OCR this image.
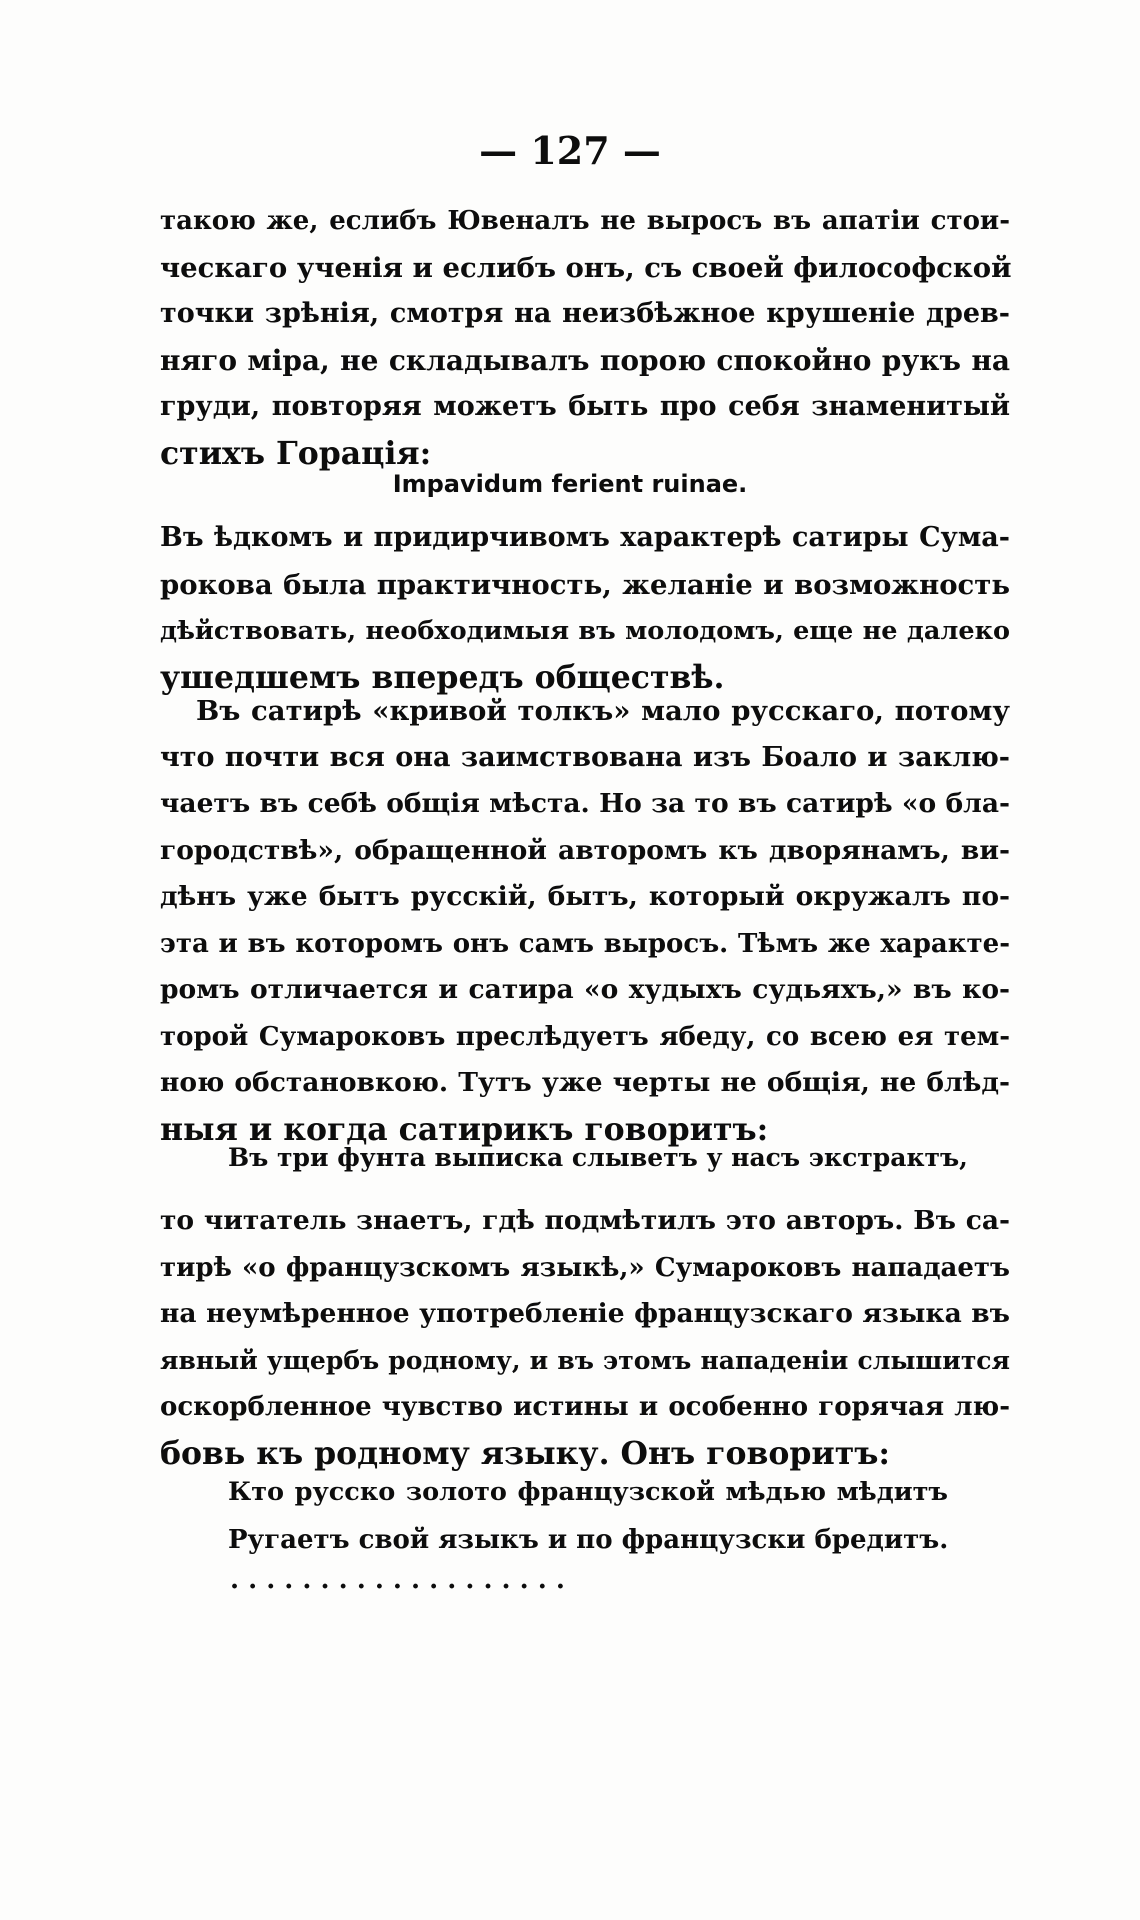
— 127 —
такою же, еслибъ Ювеналъ не выросъ въ апатіи стои-
ческаго ученія и еслибъ онъ, съ своей философской
точки зрѣнія, смотря на неизбѣжное крушеніе древ-
няго міра, не складывалъ порою спокойно рукъ на
груди, повторяя можетъ быть про себя знаменитый
стихъ Горація:
Impavidum ferient ruinae.
Въ ѣдкомъ и придирчивомъ характерѣ сатиры Сума-
рокова была практичность, желаніе и возможность
дѣйствовать, необходимыя въ молодомъ, еще не далеко
ушедшемъ впередъ обществѣ.
Въ сатирѣ «кривой толкъ» мало русскаго, потому
что почти вся она заимствована изъ Боало и заклю-
чаетъ въ себѣ общія мѣста. Но за то въ сатирѣ «о бла-
городствѣ», обращенной авторомъ къ дворянамъ, ви-
дѣнъ уже бытъ русскій, бытъ, который окружалъ по-
эта и въ которомъ онъ самъ выросъ. Тѣмъ же характе-
ромъ отличается и сатира «о худыхъ судьяхъ,» въ ко-
торой Сумароковъ преслѣдуетъ ябеду, со всею ея тем-
ною обстановкою. Тутъ уже черты не общія, не блѣд-
ныя и когда сатирикъ говоритъ:
Въ три фунта выписка слыветъ у насъ экстрактъ,
то читатель знаетъ, гдѣ подмѣтилъ это авторъ. Въ са-
тирѣ «о французскомъ языкѣ,» Сумароковъ нападаетъ
на неумѣренное употребленіе французскаго языка въ
явный ущербъ родному, и въ этомъ нападеніи слышится
оскорбленное чувство истины и особенно горячая лю-
бовь къ родному языку. Онъ говоритъ:
Кто русско золото французской мѣдью мѣдитъ
Ругаетъ свой языкъ и по французски бредитъ.
. . . . . . . . . . . . . . . . . . .
